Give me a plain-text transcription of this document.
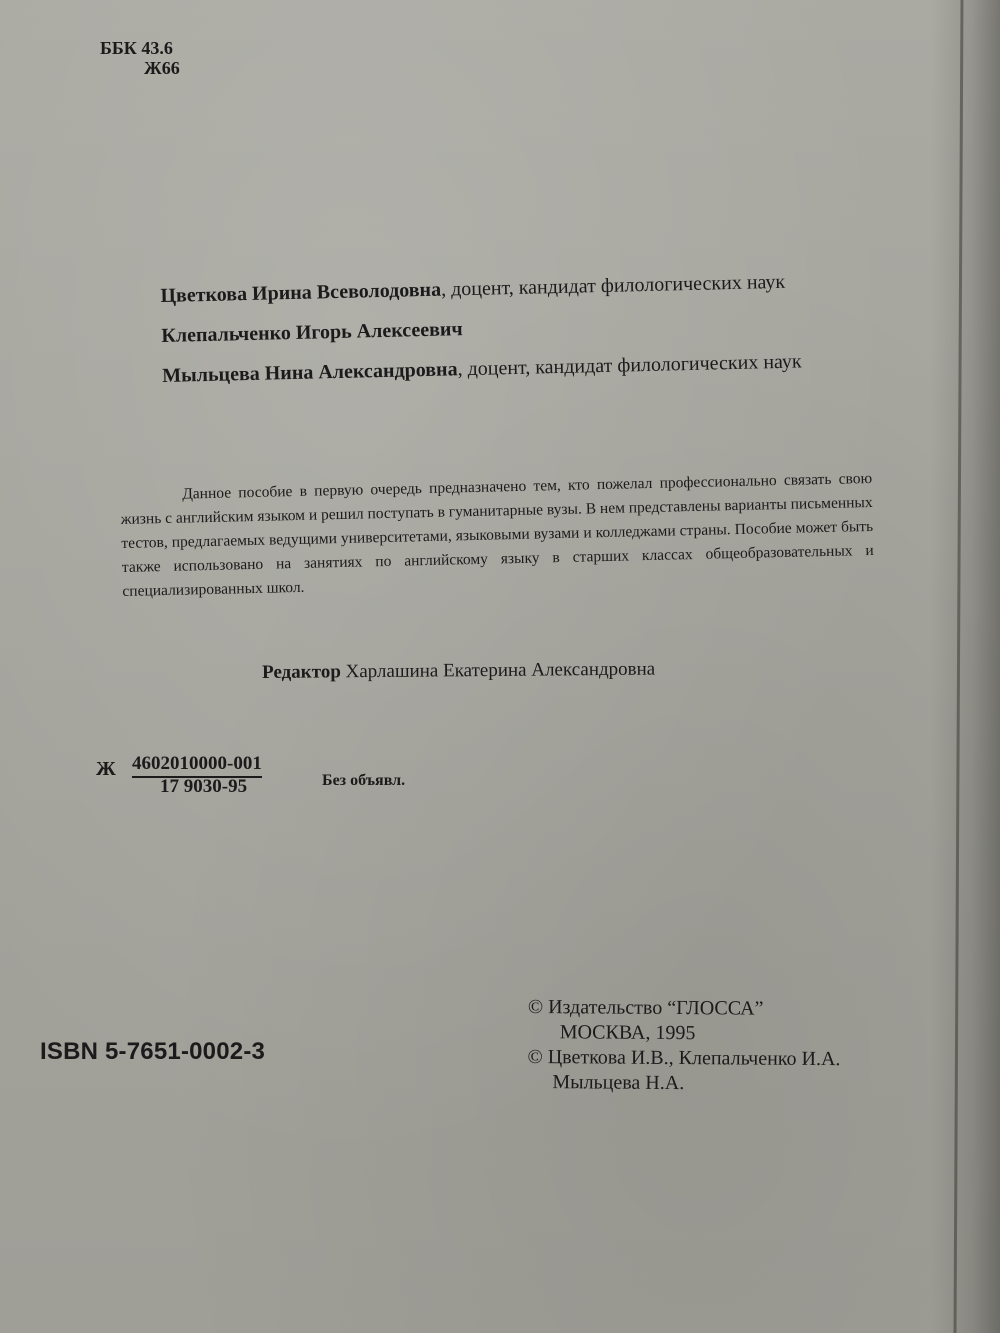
ББК 43.6
Ж66
Цветкова Ирина Всеволодовна, доцент, кандидат филологических наук
Клепальченко Игорь Алексеевич
Мыльцева Нина Александровна, доцент, кандидат филологических наук
Данное пособие в первую очередь предназначено тем, кто пожелал профессионально связать свою жизнь с английским языком и решил поступать в гуманитарные вузы. В нем представлены варианты письменных тестов, предлагаемых ведущими университетами, языковыми вузами и колледжами страны. Пособие может быть также использовано на занятиях по английскому языку в старших классах общеобразовательных и специализированных школ.
Редактор Харлашина Екатерина Александровна
Ж 4602010000-001
17 9030-95	Без объявл.
ISBN 5-7651-0002-3
© Издательство “ГЛОССА”
МОСКВА, 1995
© Цветкова И.В., Клепальченко И.А.
Мыльцева Н.А.
